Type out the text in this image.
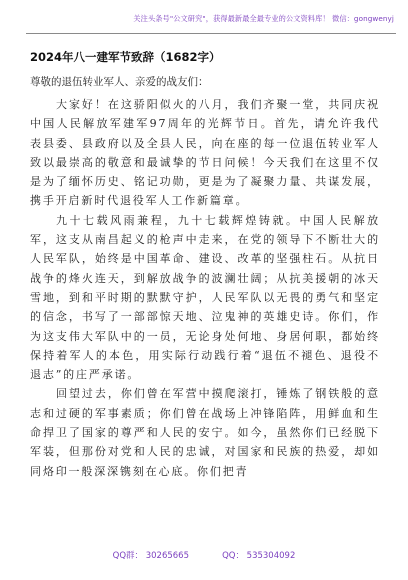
关注头条号"公文研究"，获得最新最全最专业的公文资料库！ 微信：gongwenyj
2024年八一建军节致辞（1682字）
尊敬的退伍转业军人、亲爱的战友们：

大家好！在这骄阳似火的八月，我们齐聚一堂，共同庆祝中国人民解放军建军97周年的光辉节日。首先，请允许我代表县委、县政府以及全县人民，向在座的每一位退伍转业军人致以最崇高的敬意和最诚挚的节日问候！今天我们在这里不仅是为了缅怀历史、铭记功勋，更是为了凝聚力量、共谋发展，携手开启新时代退役军人工作新篇章。

九十七载风雨兼程，九十七载辉煌铸就。中国人民解放军，这支从南昌起义的枪声中走来，在党的领导下不断壮大的人民军队，始终是中国革命、建设、改革的坚强柱石。从抗日战争的烽火连天，到解放战争的波澜壮阔；从抗美援朝的冰天雪地，到和平时期的默默守护，人民军队以无畏的勇气和坚定的信念，书写了一部部惊天地、泣鬼神的英雄史诗。你们，作为这支伟大军队中的一员，无论身处何地、身居何职，都始终保持着军人的本色，用实际行动践行着“退伍不褪色、退役不退志”的庄严承诺。

回望过去，你们曾在军营中摸爬滚打，锤炼了钢铁般的意志和过硬的军事素质；你们曾在战场上冲锋陷阵，用鲜血和生命捍卫了国家的尊严和人民的安宁。如今，虽然你们已经脱下军装，但那份对党和人民的忠诚，对国家和民族的热爱，却如同烙印一般深深镌刻在心底。你们把青

QQ群： 30265665	QQ： 535304092
